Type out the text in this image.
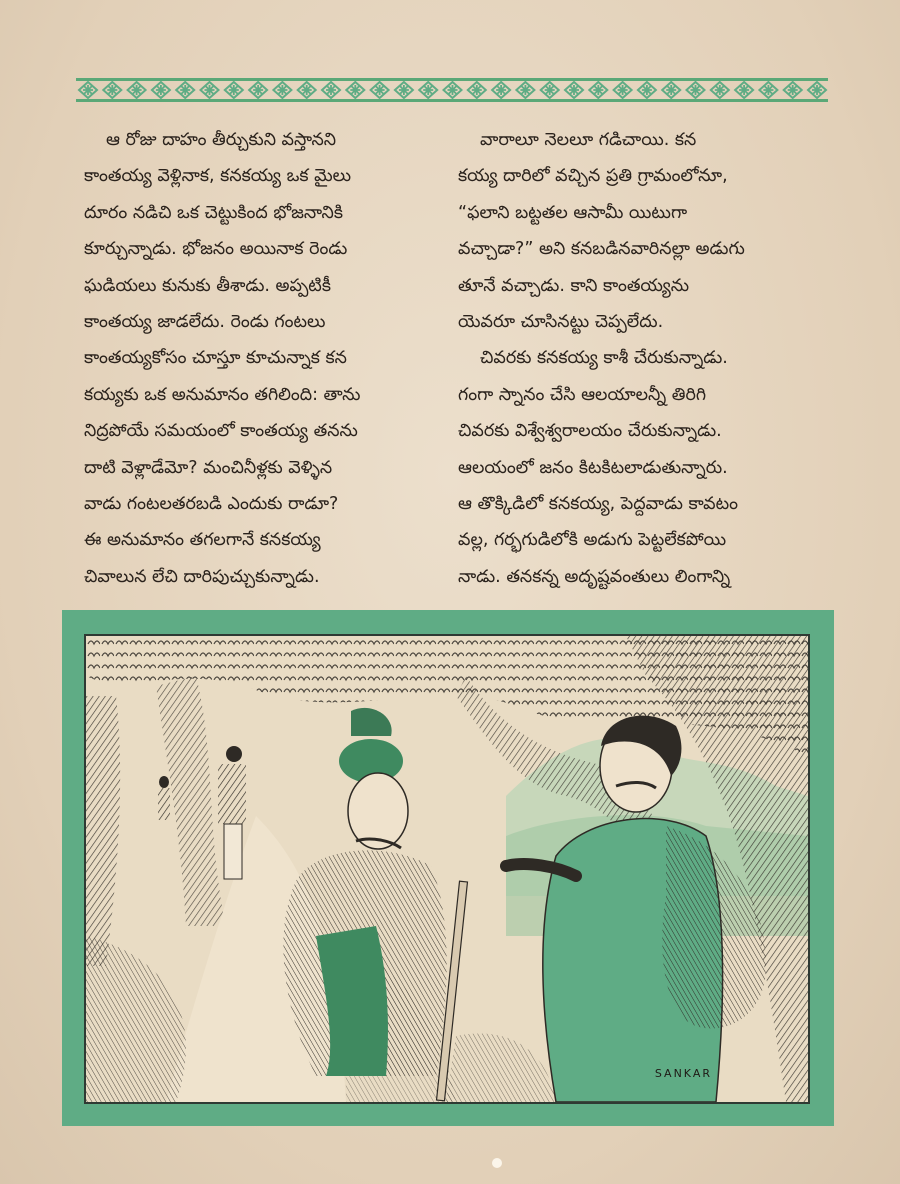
ఆ రోజు దాహం తీర్చుకుని వస్తానని

కాంతయ్య వెళ్లినాక, కనకయ్య ఒక మైలు

దూరం నడిచి ఒక చెట్టుకింద భోజనానికి

కూర్చున్నాడు. భోజనం అయినాక రెండు

ఘడియలు కునుకు తీశాడు. అప్పటికీ

కాంతయ్య జాడలేదు. రెండు గంటలు

కాంతయ్యకోసం చూస్తూ కూచున్నాక కన

కయ్యకు ఒక అనుమానం తగిలింది: తాను

నిద్రపోయే సమయంలో కాంతయ్య తనను

దాటి వెళ్లాడేమో? మంచినీళ్లకు వెళ్ళిన

వాడు గంటలతరబడి ఎందుకు రాడూ?

ఈ అనుమానం తగలగానే కనకయ్య

చివాలున లేచి దారిపుచ్చుకున్నాడు.

వారాలూ నెలలూ గడిచాయి. కన

కయ్య దారిలో వచ్చిన ప్రతి గ్రామంలోనూ,

“ఫలాని బట్టతల ఆసామీ యిటుగా

వచ్చాడా?” అని కనబడినవారినల్లా అడుగు

తూనే వచ్చాడు. కాని కాంతయ్యను

యెవరూ చూసినట్టు చెప్పలేదు.

చివరకు కనకయ్య కాశీ చేరుకున్నాడు.

గంగా స్నానం చేసి ఆలయాలన్నీ తిరిగి

చివరకు విశ్వేశ్వరాలయం చేరుకున్నాడు.

ఆలయంలో జనం కిటకిటలాడుతున్నారు.

ఆ తొక్కిడిలో కనకయ్య, పెద్దవాడు కావటం

వల్ల, గర్భగుడిలోకి అడుగు పెట్టలేకపోయి

నాడు. తనకన్న అదృష్టవంతులు లింగాన్ని

SANKAR
